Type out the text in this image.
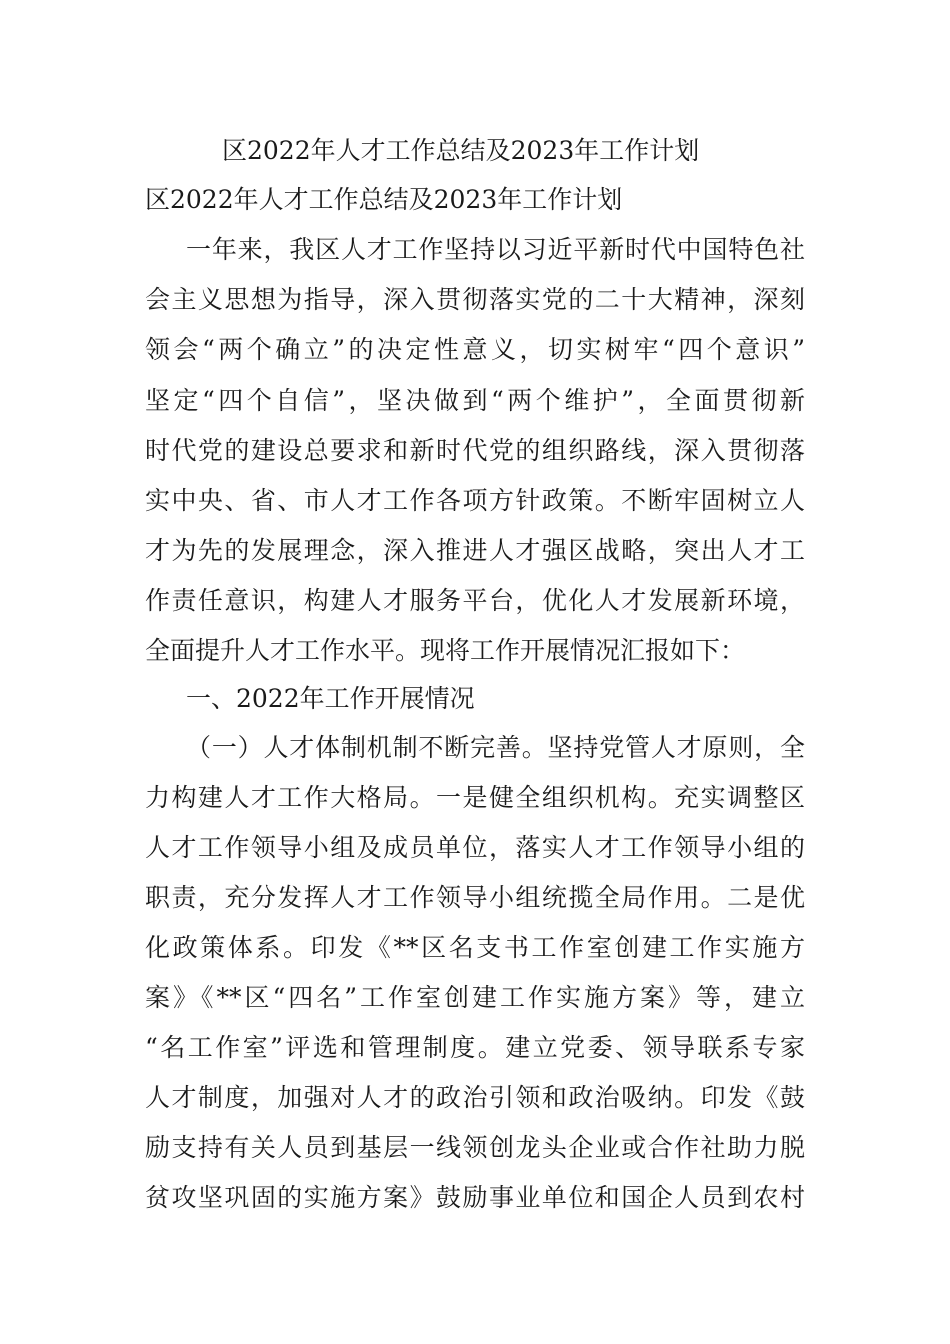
区2022年人才工作总结及2023年工作计划
区2022年人才工作总结及2023年工作计划
一年来，我区人才工作坚持以习近平新时代中国特色社
会主义思想为指导，深入贯彻落实党的二十大精神，深刻
领会“两个确立”的决定性意义，切实树牢“四个意识”
坚定“四个自信”，坚决做到“两个维护”，全面贯彻新
时代党的建设总要求和新时代党的组织路线，深入贯彻落
实中央、省、市人才工作各项方针政策。不断牢固树立人
才为先的发展理念，深入推进人才强区战略，突出人才工
作责任意识，构建人才服务平台，优化人才发展新环境，
全面提升人才工作水平。现将工作开展情况汇报如下：
一、2022年工作开展情况
（一）人才体制机制不断完善。坚持党管人才原则，全
力构建人才工作大格局。一是健全组织机构。充实调整区
人才工作领导小组及成员单位，落实人才工作领导小组的
职责，充分发挥人才工作领导小组统揽全局作用。二是优
化政策体系。印发《**区名支书工作室创建工作实施方
案》《**区“四名”工作室创建工作实施方案》等，建立
“名工作室”评选和管理制度。建立党委、领导联系专家
人才制度，加强对人才的政治引领和政治吸纳。印发《鼓
励支持有关人员到基层一线领创龙头企业或合作社助力脱
贫攻坚巩固的实施方案》鼓励事业单位和国企人员到农村
